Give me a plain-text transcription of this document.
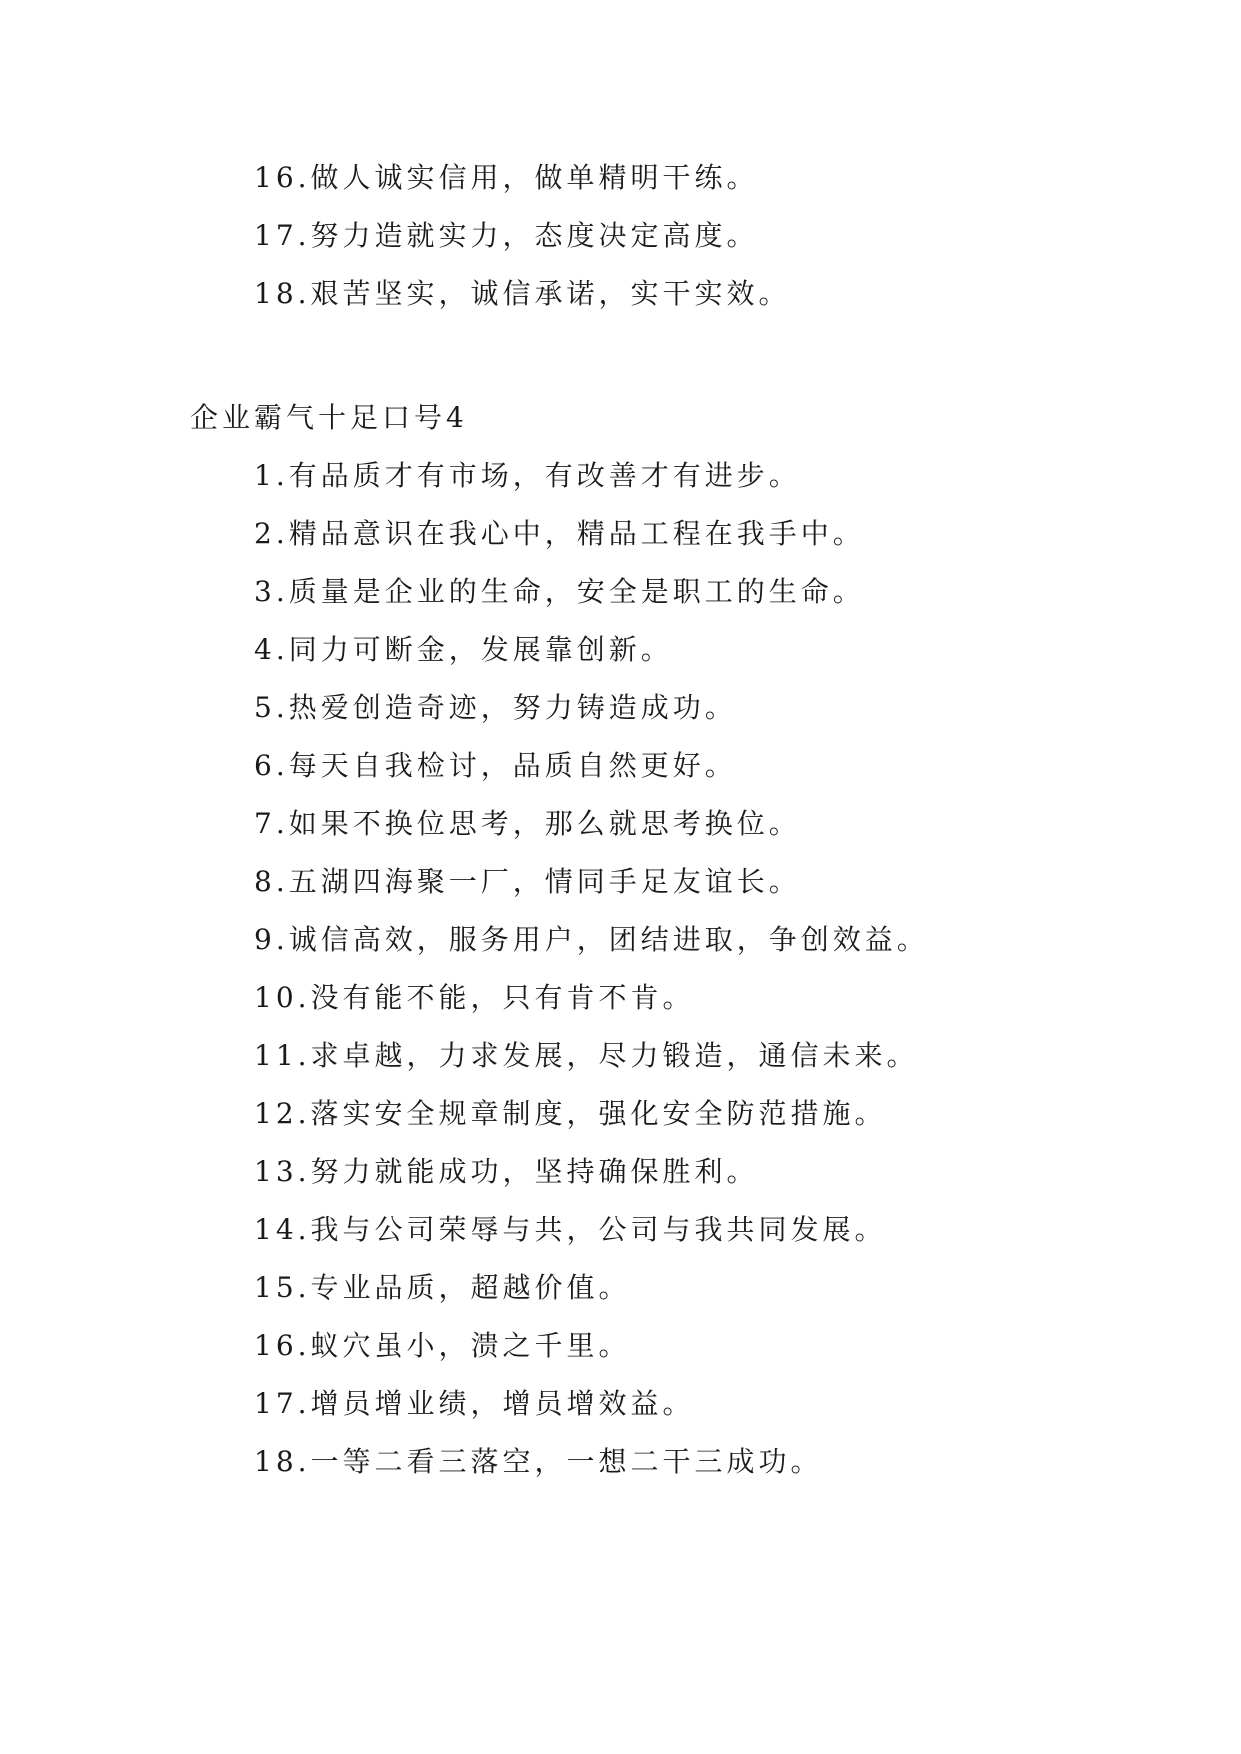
16.做人诚实信用，做单精明干练。
17.努力造就实力，态度决定高度。
18.艰苦坚实，诚信承诺，实干实效。
企业霸气十足口号4
1.有品质才有市场，有改善才有进步。
2.精品意识在我心中，精品工程在我手中。
3.质量是企业的生命，安全是职工的生命。
4.同力可断金，发展靠创新。
5.热爱创造奇迹，努力铸造成功。
6.每天自我检讨，品质自然更好。
7.如果不换位思考，那么就思考换位。
8.五湖四海聚一厂，情同手足友谊长。
9.诚信高效，服务用户，团结进取，争创效益。
10.没有能不能，只有肯不肯。
11.求卓越，力求发展，尽力锻造，通信未来。
12.落实安全规章制度，强化安全防范措施。
13.努力就能成功，坚持确保胜利。
14.我与公司荣辱与共，公司与我共同发展。
15.专业品质，超越价值。
16.蚁穴虽小，溃之千里。
17.增员增业绩，增员增效益。
18.一等二看三落空，一想二干三成功。
